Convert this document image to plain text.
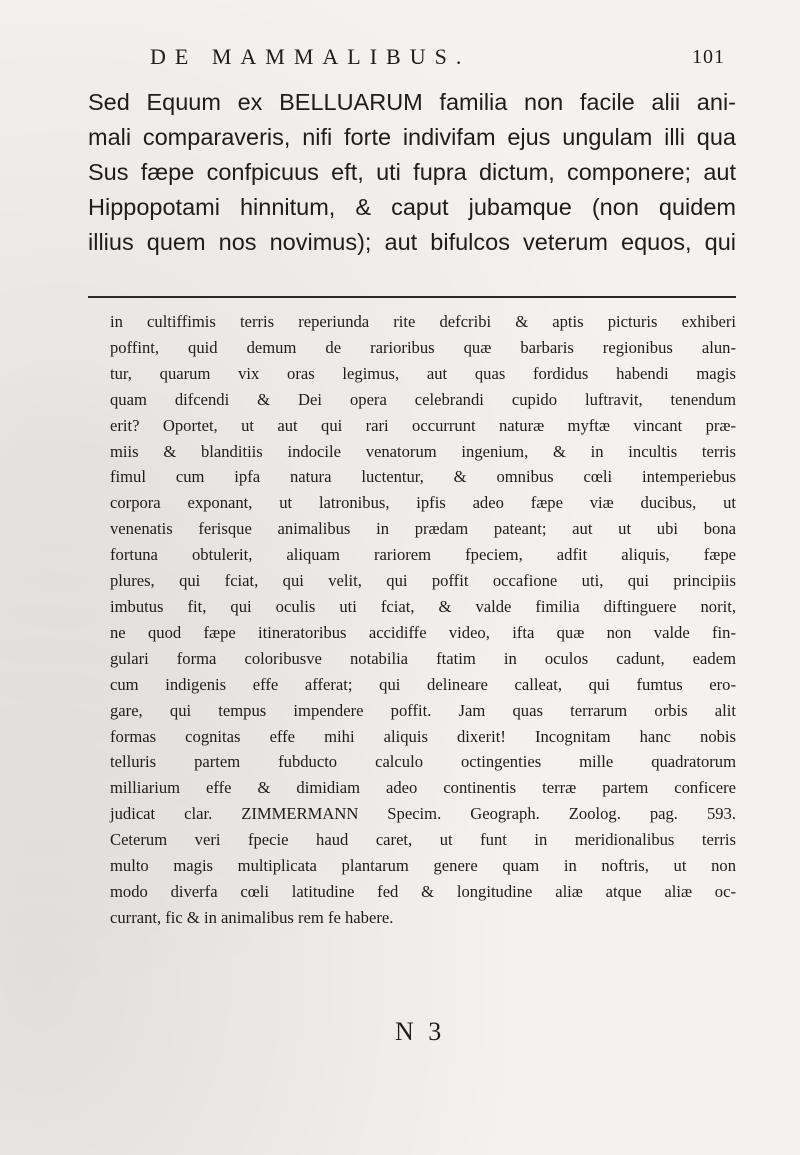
DE MAMMALIBUS.	101
Sed Equum ex BELLUARUM familia non facile alii ani-
mali comparaveris, nifi forte indivifam ejus ungulam illi qua
Sus fæpe confpicuus eft, uti fupra dictum, componere; aut
Hippopotami hinnitum, & caput jubamque (non quidem
illius quem nos novimus); aut bifulcos veterum equos, qui
in cultiffimis terris reperiunda rite defcribi & aptis picturis exhiberi
poffint, quid demum de rarioribus quæ barbaris regionibus alun-
tur, quarum vix oras legimus, aut quas fordidus habendi magis
quam difcendi & Dei opera celebrandi cupido luftravit, tenendum
erit? Oportet, ut aut qui rari occurrunt naturæ myftæ vincant præ-
miis & blanditiis indocile venatorum ingenium, & in incultis terris
fimul cum ipfa natura luctentur, & omnibus cœli intemperiebus
corpora exponant, ut latronibus, ipfis adeo fæpe viæ ducibus, ut
venenatis ferisque animalibus in prædam pateant; aut ut ubi bona
fortuna obtulerit, aliquam rariorem fpeciem, adfit aliquis, fæpe
plures, qui fciat, qui velit, qui poffit occafione uti, qui principiis
imbutus fit, qui oculis uti fciat, & valde fimilia diftinguere norit,
ne quod fæpe itineratoribus accidiffe video, ifta quæ non valde fin-
gulari forma coloribusve notabilia ftatim in oculos cadunt, eadem
cum indigenis effe afferat; qui delineare calleat, qui fumtus ero-
gare, qui tempus impendere poffit. Jam quas terrarum orbis alit
formas cognitas effe mihi aliquis dixerit! Incognitam hanc nobis
telluris partem fubducto calculo octingenties mille quadratorum
milliarium effe & dimidiam adeo continentis terræ partem conficere
judicat clar. ZIMMERMANN Specim. Geograph. Zoolog. pag. 593.
Ceterum veri fpecie haud caret, ut funt in meridionalibus terris
multo magis multiplicata plantarum genere quam in noftris, ut non
modo diverfa cœli latitudine fed & longitudine aliæ atque aliæ oc-
currant, fic & in animalibus rem fe habere.
N 3
